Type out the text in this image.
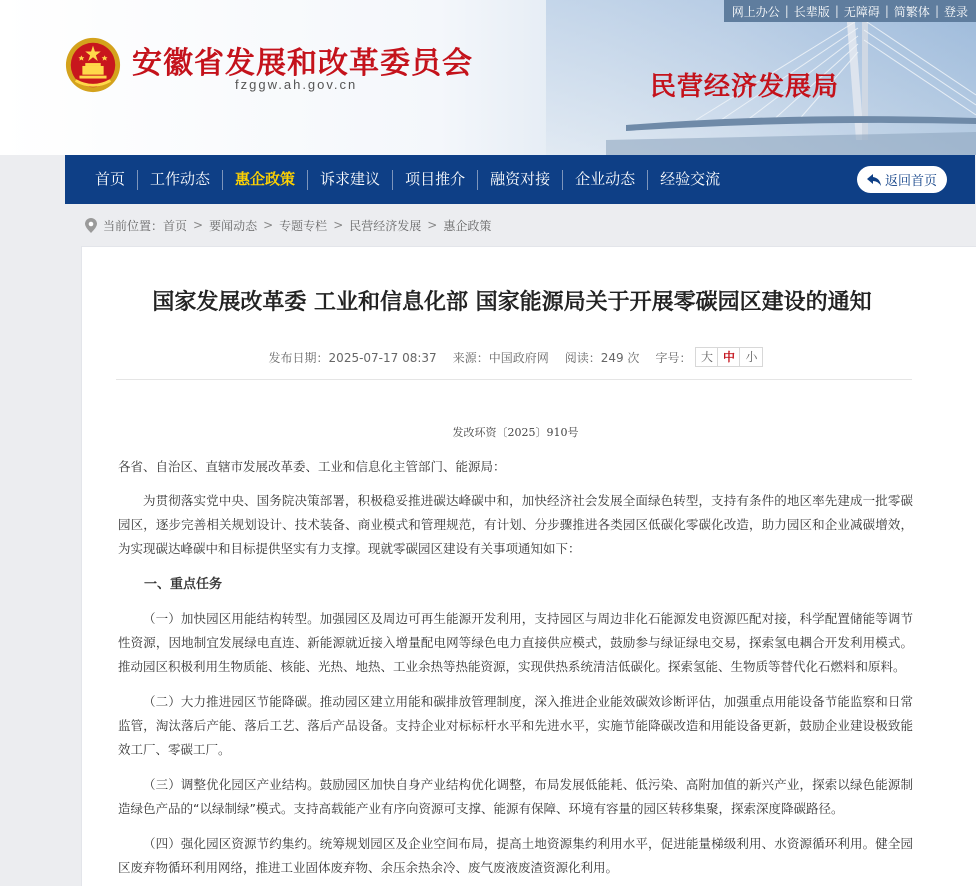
网上办公 | 长辈版 | 无障碍 | 简繁体 | 登录
安徽省发展和改革委员会
fzggw.ah.gov.cn	民营经济发展局
首页	工作动态	惠企政策	诉求建议	项目推介	融资对接	企业动态	经验交流	返回首页
当前位置： 首页 > 要闻动态 > 专题专栏 > 民营经济发展 > 惠企政策
国家发展改革委 工业和信息化部 国家能源局关于开展零碳园区建设的通知
发布日期：2025-07-17 08:37 来源：中国政府网 阅读：249 次 字号： 大 中 小
发改环资〔2025〕910号

各省、自治区、直辖市发展改革委、工业和信息化主管部门、能源局：

为贯彻落实党中央、国务院决策部署，积极稳妥推进碳达峰碳中和，加快经济社会发展全面绿色转型，支持有条件的地区率先建成一批零碳园区，逐步完善相关规划设计、技术装备、商业模式和管理规范，有计划、分步骤推进各类园区低碳化零碳化改造，助力园区和企业减碳增效，为实现碳达峰碳中和目标提供坚实有力支撑。现就零碳园区建设有关事项通知如下：

一、重点任务

（一）加快园区用能结构转型。加强园区及周边可再生能源开发利用，支持园区与周边非化石能源发电资源匹配对接，科学配置储能等调节性资源，因地制宜发展绿电直连、新能源就近接入增量配电网等绿色电力直接供应模式，鼓励参与绿证绿电交易，探索氢电耦合开发利用模式。推动园区积极利用生物质能、核能、光热、地热、工业余热等热能资源，实现供热系统清洁低碳化。探索氢能、生物质等替代化石燃料和原料。

（二）大力推进园区节能降碳。推动园区建立用能和碳排放管理制度，深入推进企业能效碳效诊断评估，加强重点用能设备节能监察和日常监管，淘汰落后产能、落后工艺、落后产品设备。支持企业对标标杆水平和先进水平，实施节能降碳改造和用能设备更新，鼓励企业建设极致能效工厂、零碳工厂。

（三）调整优化园区产业结构。鼓励园区加快自身产业结构优化调整，布局发展低能耗、低污染、高附加值的新兴产业，探索以绿色能源制造绿色产品的“以绿制绿”模式。支持高载能产业有序向资源可支撑、能源有保障、环境有容量的园区转移集聚，探索深度降碳路径。

（四）强化园区资源节约集约。统筹规划园区及企业空间布局，提高土地资源集约利用水平，促进能量梯级利用、水资源循环利用。健全园区废弃物循环利用网络，推进工业固体废弃物、余压余热余冷、废气废液废渣资源化利用。
